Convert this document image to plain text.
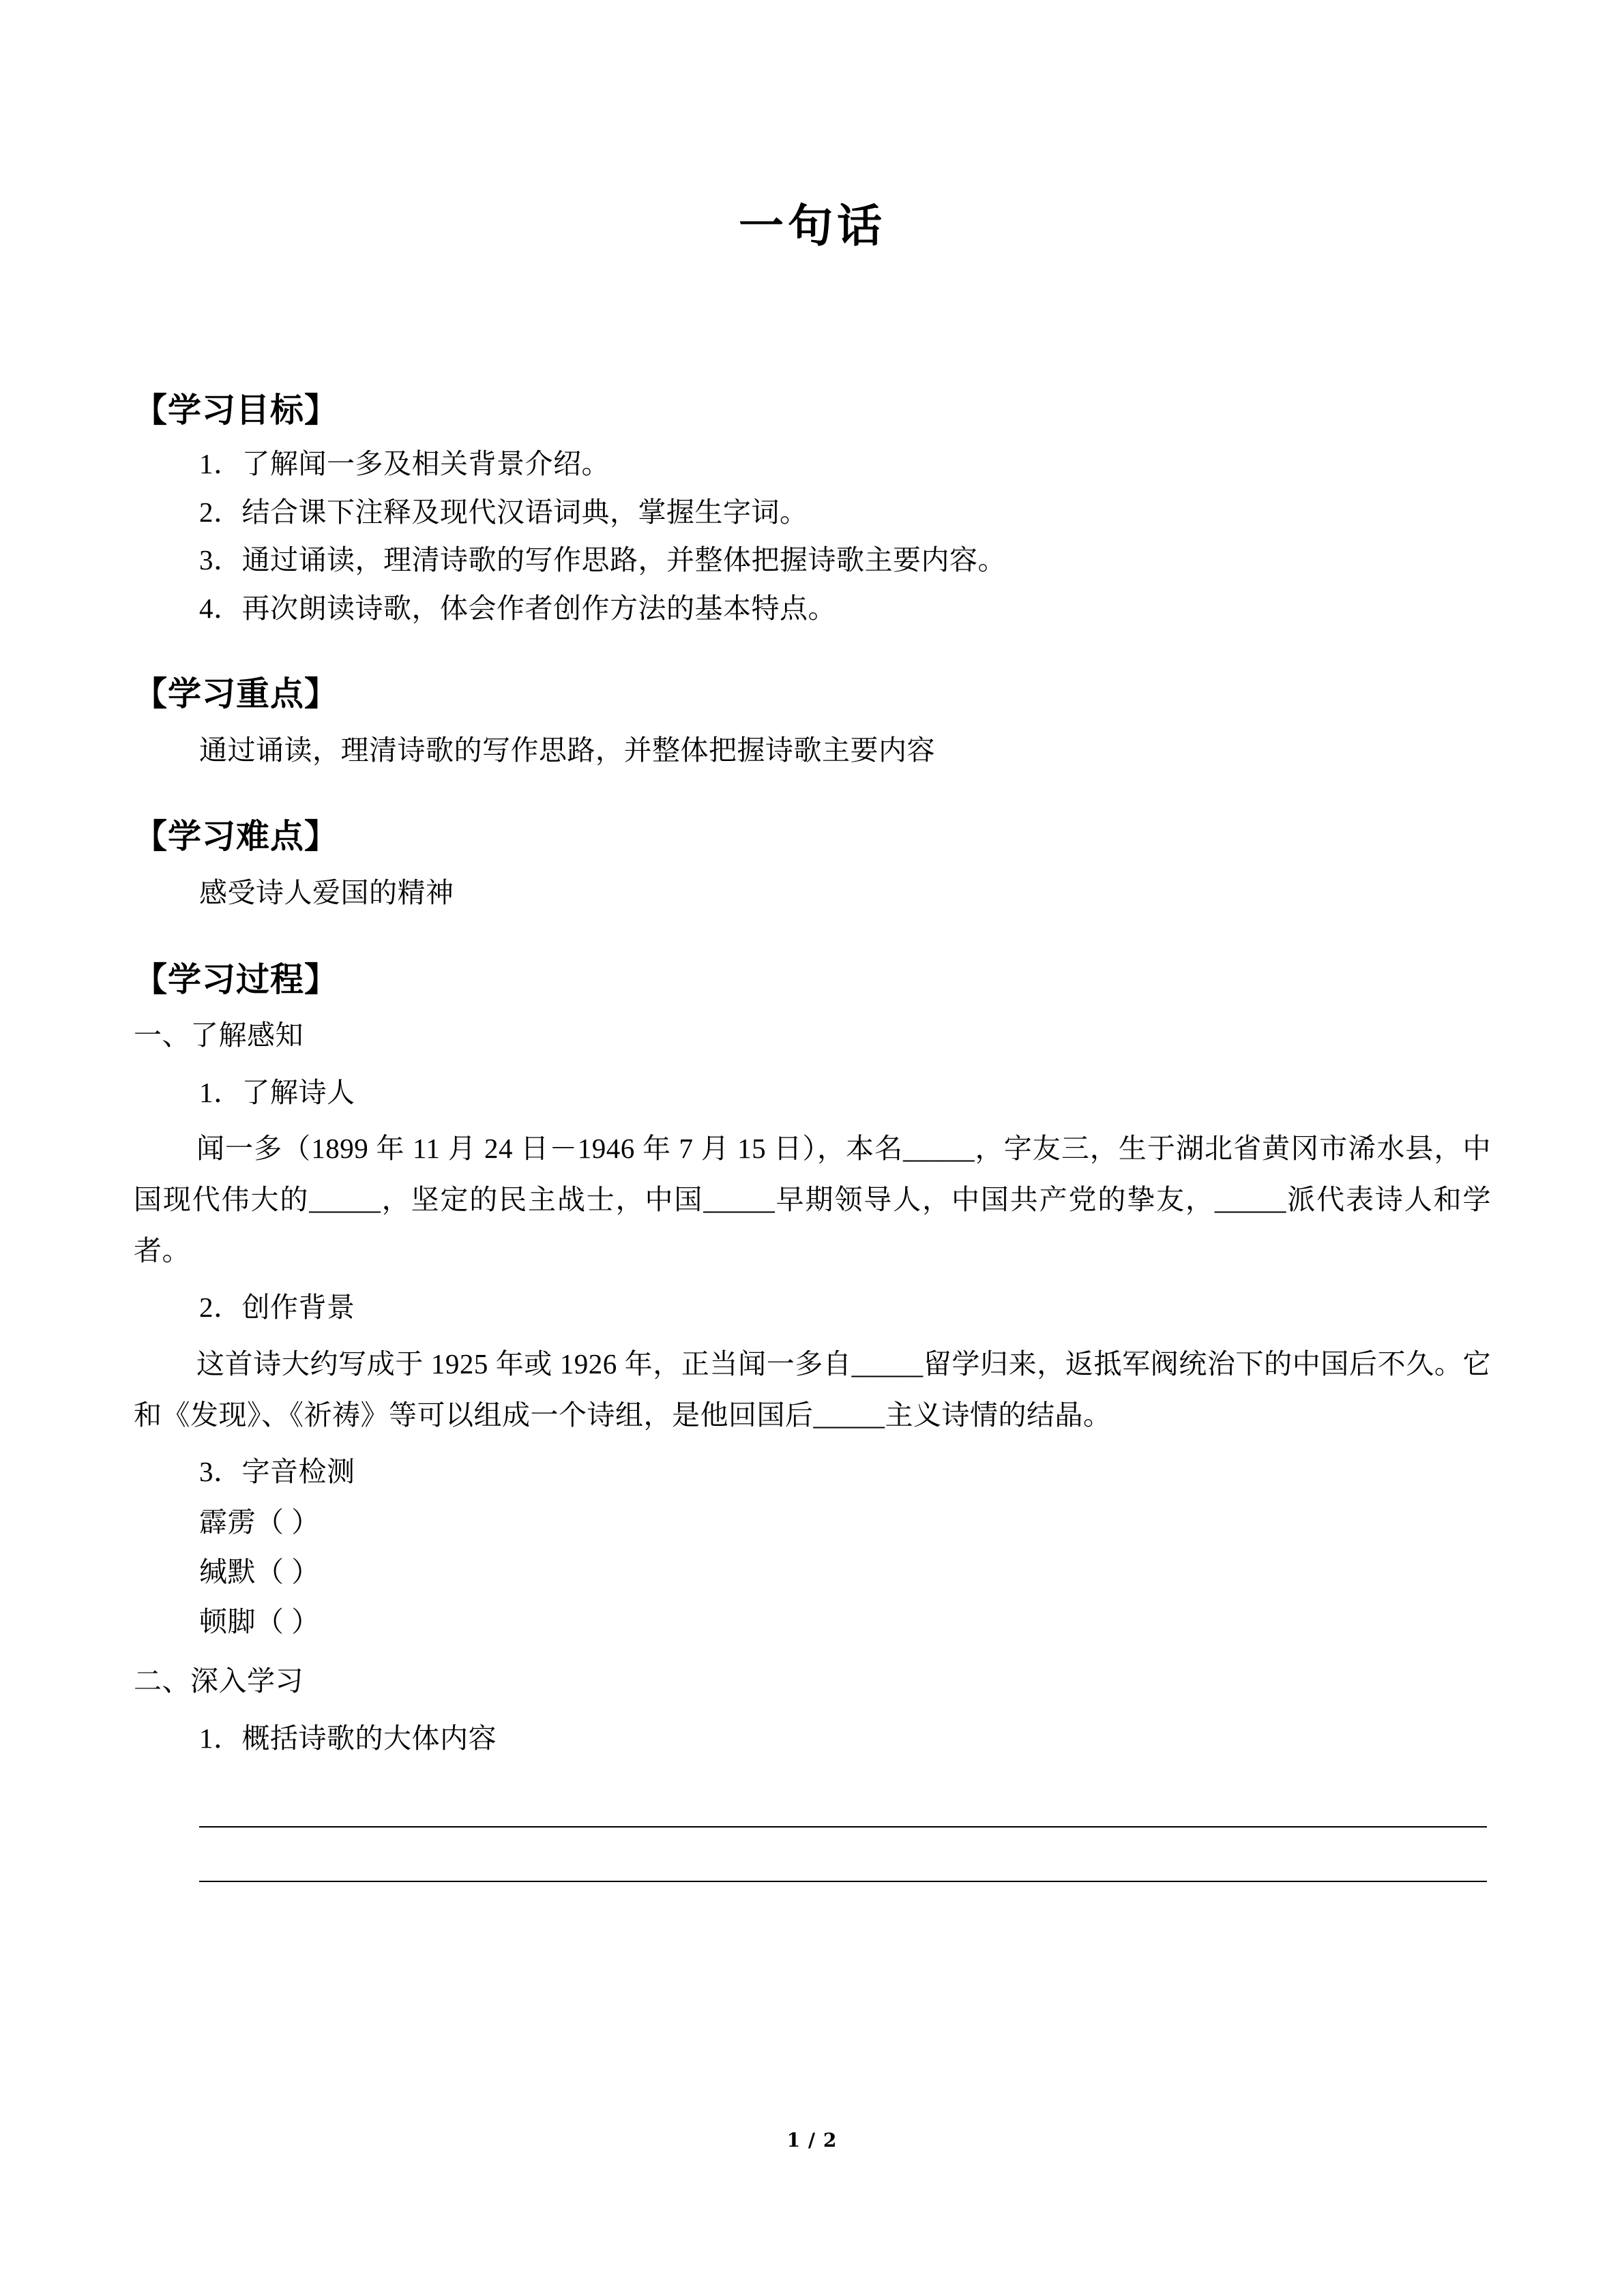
一句话
【学习目标】
1．了解闻一多及相关背景介绍。
2．结合课下注释及现代汉语词典，掌握生字词。
3．通过诵读，理清诗歌的写作思路，并整体把握诗歌主要内容。
4．再次朗读诗歌，体会作者创作方法的基本特点。
【学习重点】
通过诵读，理清诗歌的写作思路，并整体把握诗歌主要内容
【学习难点】
感受诗人爱国的精神
【学习过程】
一、了解感知
1．了解诗人
闻一多（1899 年 11 月 24 日－1946 年 7 月 15 日），本名_____，字友三，生于湖北省黄冈市浠水县，中国现代伟大的_____，坚定的民主战士，中国_____早期领导人，中国共产党的挚友，_____派代表诗人和学者。
2．创作背景
这首诗大约写成于 1925 年或 1926 年，正当闻一多自_____留学归来，返抵军阀统治下的中国后不久。它和《发现》、《祈祷》等可以组成一个诗组，是他回国后_____主义诗情的结晶。
3．字音检测
霹雳（ ）
缄默（ ）
顿脚（ ）
二、深入学习
1．概括诗歌的大体内容
1 / 2
